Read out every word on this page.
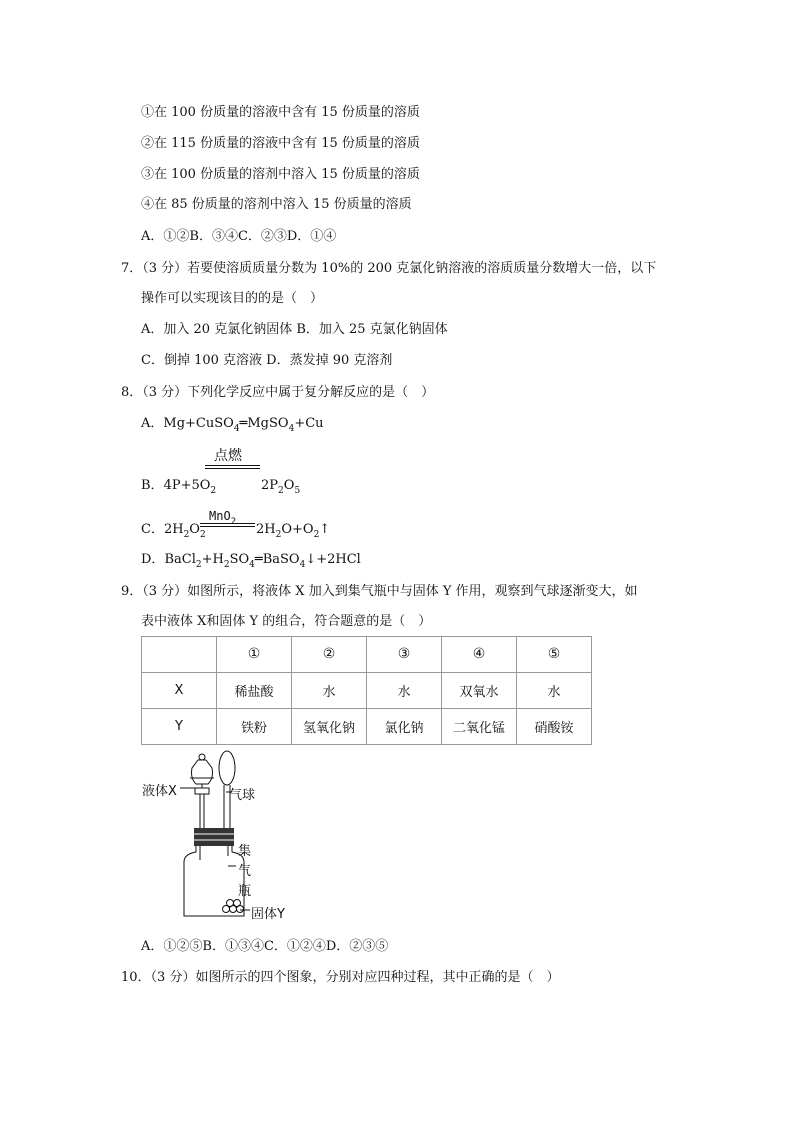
①在 100 份质量的溶液中含有 15 份质量的溶质
②在 115 份质量的溶液中含有 15 份质量的溶质
③在 100 份质量的溶剂中溶入 15 份质量的溶质
④在 85 份质量的溶剂中溶入 15 份质量的溶质
A．①②B．③④C．②③D．①④
7．（3 分）若要使溶质质量分数为 10%的 200 克氯化钠溶液的溶质质量分数增大一倍，以下
操作可以实现该目的的是（　）
A．加入 20 克氯化钠固体 B．加入 25 克氯化钠固体
C．倒掉 100 克溶液 D．蒸发掉 90 克溶剂
8．（3 分）下列化学反应中属于复分解反应的是（　）
A．Mg+CuSO$_4$═MgSO$_4$+Cu
点燃
B．$4P+5O_2$	$2P_2O_5$
MnO$_2$
C．$2H_2O_2$	$2H_2O+O_2↑$
D．$BaCl_2+H_2SO_4═BaSO_4↓+2HCl$
9．（3 分）如图所示，将液体 X 加入到集气瓶中与固体 Y 作用，观察到气球逐渐变大，如
表中液体 X和固体 Y 的组合，符合题意的是（　）
	①	②	③	④	⑤
X	稀盐酸	水	水	双氧水	水
Y	铁粉	氢氧化钠	氯化钠	二氧化锰	硝酸铵
液体X	气球
集
气
瓶
固体Y
A．①②⑤B．①③④C．①②④D．②③⑤
10．（3 分）如图所示的四个图象，分别对应四种过程，其中正确的是（　）
